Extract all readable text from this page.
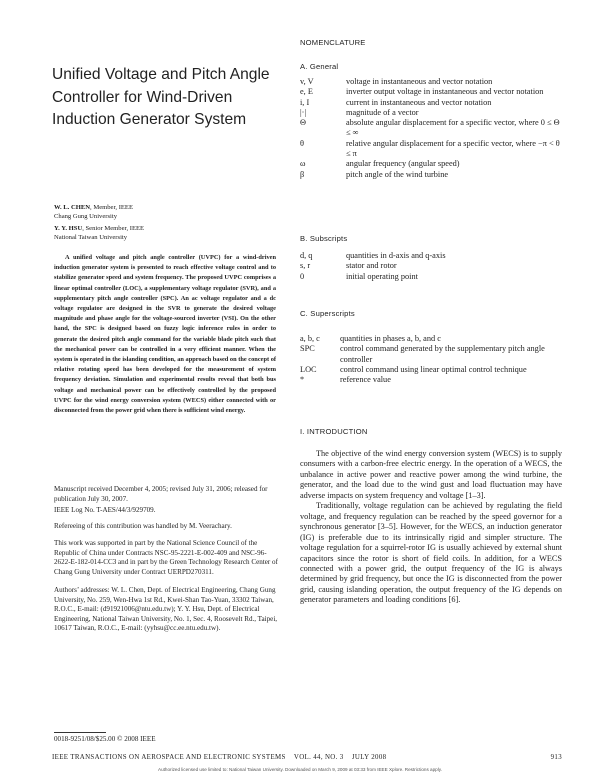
Unified Voltage and Pitch Angle Controller for Wind-Driven Induction Generator System
W. L. CHEN, Member, IEEE
Chang Gung University
Y. Y. HSU, Senior Member, IEEE
National Taiwan University

A unified voltage and pitch angle controller (UVPC) for a wind-driven induction generator system is presented to reach effective voltage control and to stabilize generator speed and system frequency. The proposed UVPC comprises a linear optimal controller (LOC), a supplementary voltage regulator (SVR), and a supplementary pitch angle controller (SPC). An ac voltage regulator and a dc voltage regulator are designed in the SVR to generate the desired voltage magnitude and phase angle for the voltage-sourced inverter (VSI). On the other hand, the SPC is designed based on fuzzy logic inference rules in order to generate the desired pitch angle command for the variable blade pitch such that the mechanical power can be controlled in a very efficient manner. When the system is operated in the islanding condition, an approach based on the concept of relative rotating speed has been developed for the measurement of system frequency deviation. Simulation and experimental results reveal that both bus voltage and mechanical power can be effectively controlled by the proposed UVPC for the wind energy conversion system (WECS) either connected with or disconnected from the power grid when there is sufficient wind energy.

Manuscript received December 4, 2005; revised July 31, 2006; released for publication July 30, 2007.

IEEE Log No. T-AES/44/3/929709.

Refereeing of this contribution was handled by M. Veerachary.

This work was supported in part by the National Science Council of the Republic of China under Contracts NSC-95-2221-E-002-409 and NSC-96-2622-E-182-014-CC3 and in part by the Green Technology Research Center of Chang Gung University under Contract UERPD270311.

Authors’ addresses: W. L. Chen, Dept. of Electrical Engineering, Chang Gung University, No. 259, Wen-Hwa 1st Rd., Kwei-Shan Tao-Yuan, 33302 Taiwan, R.O.C., E-mail: (d91921006@ntu.edu.tw); Y. Y. Hsu, Dept. of Electrical Engineering, National Taiwan University, No. 1, Sec. 4, Roosevelt Rd., Taipei, 10617 Taiwan, R.O.C., E-mail: (yyhsu@cc.ee.ntu.edu.tw).

0018-9251/08/$25.00 © 2008 IEEE

NOMENCLATURE
A. General
v, V	voltage in instantaneous and vector notation
e, E	inverter output voltage in instantaneous and vector notation
i, I	current in instantaneous and vector notation
|·|	magnitude of a vector
Θ	absolute angular displacement for a specific vector, where 0 ≤ Θ ≤ ∞
θ	relative angular displacement for a specific vector, where −π < θ ≤ π
ω	angular frequency (angular speed)
β	pitch angle of the wind turbine
B. Subscripts
d, q	quantities in d-axis and q-axis
s, r	stator and rotor
0	initial operating point
C. Superscripts
a, b, c	quantities in phases a, b, and c
SPC	control command generated by the supplementary pitch angle controller
LOC	control command using linear optimal control technique
*	reference value
I. INTRODUCTION

The objective of the wind energy conversion system (WECS) is to supply consumers with a carbon-free electric energy. In the operation of a WECS, the unbalance in active power and reactive power among the wind turbine, the generator, and the load due to the wind gust and load fluctuation may have adverse impacts on system frequency and voltage [1–3].

Traditionally, voltage regulation can be achieved by regulating the field voltage, and frequency regulation can be reached by the speed governor for a synchronous generator [3–5]. However, for the WECS, an induction generator (IG) is preferable due to its intrinsically rigid and simpler structure. The voltage regulation for a squirrel-rotor IG is usually achieved by external shunt capacitors since the rotor is short of field coils. In addition, for a WECS connected with a power grid, the output frequency of the IG is always determined by grid frequency, but once the IG is disconnected from the power grid, causing islanding operation, the output frequency of the IG depends on generator parameters and loading conditions [6].

IEEE TRANSACTIONS ON AEROSPACE AND ELECTRONIC SYSTEMS    VOL. 44, NO. 3    JULY 2008	913
Authorized licensed use limited to: National Taiwan University. Downloaded on March 9, 2009 at 03:33 from IEEE Xplore. Restrictions apply.
